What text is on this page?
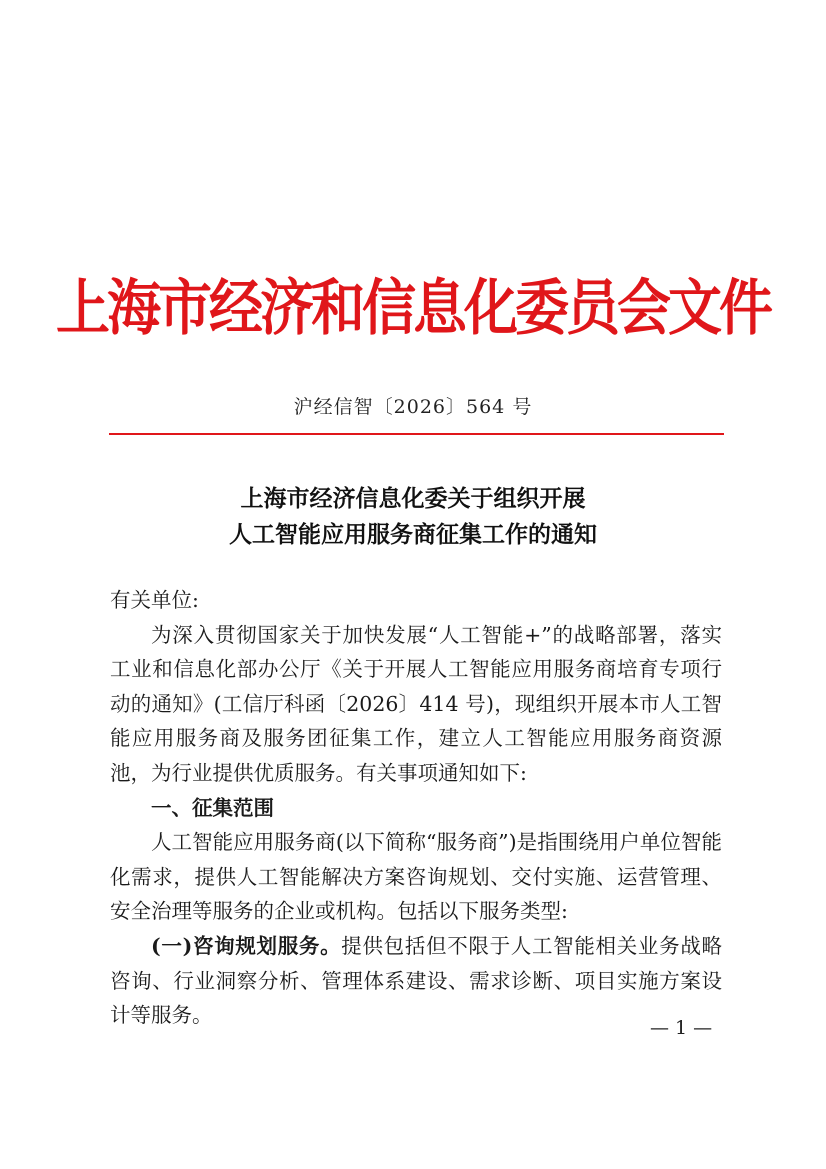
上海市经济和信息化委员会文件
沪经信智〔2026〕564 号
上海市经济信息化委关于组织开展
人工智能应用服务商征集工作的通知

有关单位:

为深入贯彻国家关于加快发展“人工智能+”的战略部署，落实工业和信息化部办公厅《关于开展人工智能应用服务商培育专项行动的通知》(工信厅科函〔2026〕414 号)，现组织开展本市人工智能应用服务商及服务团征集工作，建立人工智能应用服务商资源池，为行业提供优质服务。有关事项通知如下:

一、征集范围

人工智能应用服务商(以下简称“服务商”)是指围绕用户单位智能化需求，提供人工智能解决方案咨询规划、交付实施、运营管理、安全治理等服务的企业或机构。包括以下服务类型:

(一)咨询规划服务。提供包括但不限于人工智能相关业务战略咨询、行业洞察分析、管理体系建设、需求诊断、项目实施方案设计等服务。

— 1 —
